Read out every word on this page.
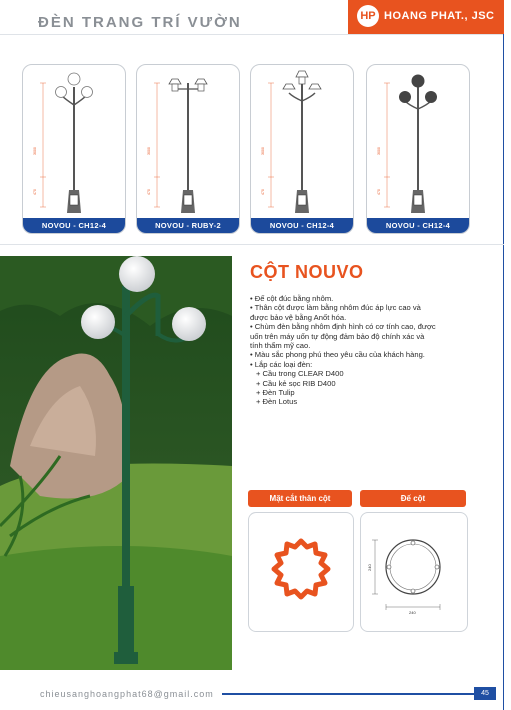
ĐÈN TRANG TRÍ VƯỜN	HP HOANG PHAT., JSC
3000
470
NOVOU - CH12-4
3000
470
NOVOU - RUBY-2
3000
470
NOVOU - CH12-4
3000
470
NOVOU - CH12-4
CỘT NOUVO
• Đế cột đúc bằng nhôm.
• Thân cột được làm bằng nhôm đúc áp lực cao và
được bảo vệ bằng Anốt hóa.
• Chùm đèn bằng nhôm định hình có cơ tính cao, được
uốn trên máy uốn tự động đảm bảo độ chính xác và
tính thẩm mỹ cao.
• Màu sắc phong phú theo yêu cầu của khách hàng.
• Lắp các loại đèn:
+ Cầu trong CLEAR D400
+ Cầu kẻ sọc RIB D400
+ Đèn Tulip
+ Đèn Lotus
Mặt cắt thân cột	Đế cột
240
240
chieusanghoangphat68@gmail.com	45
